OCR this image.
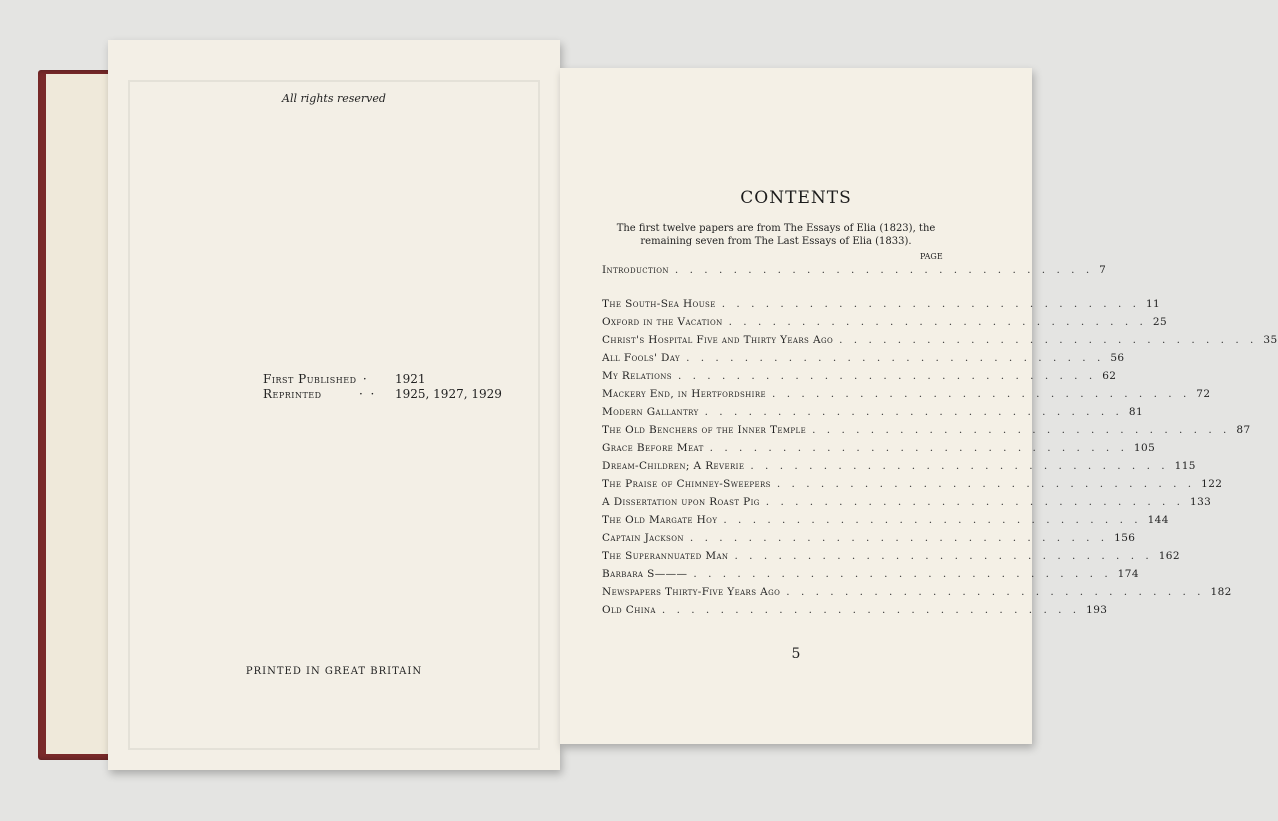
All rights reserved
First Published ·	1921
Reprinted	·  ·	1925, 1927, 1929
PRINTED IN GREAT BRITAIN
CONTENTS
The first twelve papers are from The Essays of Elia (1823), the remaining seven from The Last Essays of Elia (1833).
PAGE
Introduction . . . . . . . . . . . . . . . . . . . . . . . . . . . . . 7
The South-Sea House . . . . . . . . . . . . . . . . . . . . . . . . . . . . . 11
Oxford in the Vacation . . . . . . . . . . . . . . . . . . . . . . . . . . . . . 25
Christ's Hospital Five and Thirty Years Ago . . . . . . . . . . . . . . . . . . . . . . . . . . . . . 35
All Fools' Day . . . . . . . . . . . . . . . . . . . . . . . . . . . . . 56
My Relations . . . . . . . . . . . . . . . . . . . . . . . . . . . . . 62
Mackery End, in Hertfordshire . . . . . . . . . . . . . . . . . . . . . . . . . . . . . 72
Modern Gallantry . . . . . . . . . . . . . . . . . . . . . . . . . . . . . 81
The Old Benchers of the Inner Temple . . . . . . . . . . . . . . . . . . . . . . . . . . . . . 87
Grace Before Meat . . . . . . . . . . . . . . . . . . . . . . . . . . . . . 105
Dream-Children; A Reverie . . . . . . . . . . . . . . . . . . . . . . . . . . . . . 115
The Praise of Chimney-Sweepers . . . . . . . . . . . . . . . . . . . . . . . . . . . . . 122
A Dissertation upon Roast Pig . . . . . . . . . . . . . . . . . . . . . . . . . . . . . 133
The Old Margate Hoy . . . . . . . . . . . . . . . . . . . . . . . . . . . . . 144
Captain Jackson . . . . . . . . . . . . . . . . . . . . . . . . . . . . . 156
The Superannuated Man . . . . . . . . . . . . . . . . . . . . . . . . . . . . . 162
Barbara S——— . . . . . . . . . . . . . . . . . . . . . . . . . . . . . 174
Newspapers Thirty-Five Years Ago . . . . . . . . . . . . . . . . . . . . . . . . . . . . . 182
Old China . . . . . . . . . . . . . . . . . . . . . . . . . . . . . 193
5
